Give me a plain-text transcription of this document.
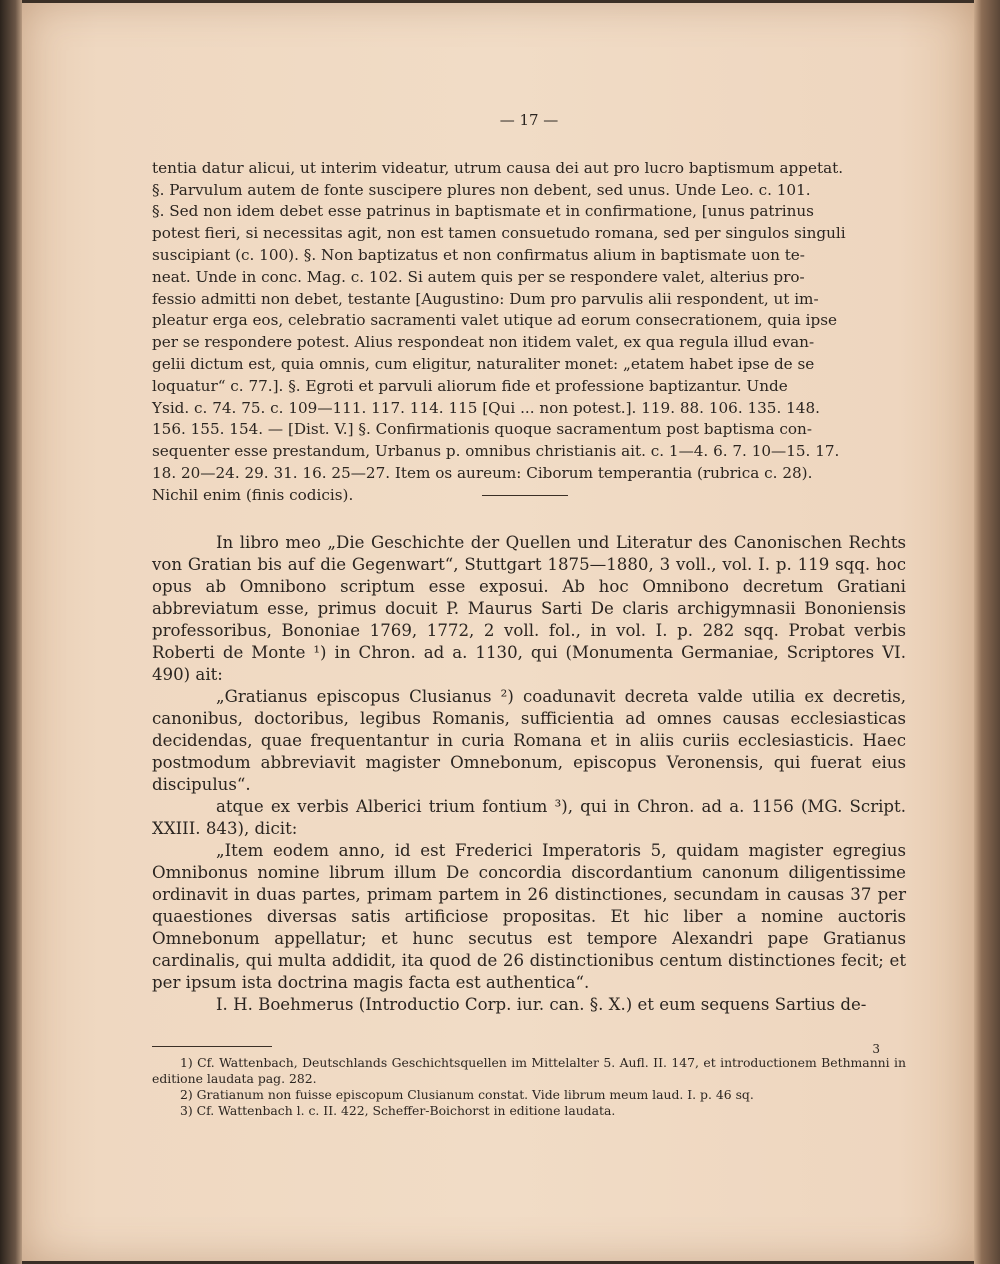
— 17 —

tentia datur alicui, ut interim videatur, utrum causa dei aut pro lucro baptismum appetat.
§. Parvulum autem de fonte suscipere plures non debent, sed unus. Unde Leo. c. 101.
§. Sed non idem debet esse patrinus in baptismate et in confirmatione, [unus patrinus
potest fieri, si necessitas agit, non est tamen consuetudo romana, sed per singulos singuli
suscipiant (c. 100). §. Non baptizatus et non confirmatus alium in baptismate uon te-
neat. Unde in conc. Mag. c. 102. Si autem quis per se respondere valet, alterius pro-
fessio admitti non debet, testante [Augustino: Dum pro parvulis alii respondent, ut im-
pleatur erga eos, celebratio sacramenti valet utique ad eorum consecrationem, quia ipse
per se respondere potest. Alius respondeat non itidem valet, ex qua regula illud evan-
gelii dictum est, quia omnis, cum eligitur, naturaliter monet: „etatem habet ipse de se
loquatur“ c. 77.]. §. Egroti et parvuli aliorum fide et professione baptizantur. Unde
Ysid. c. 74. 75. c. 109—111. 117. 114. 115 [Qui ... non potest.]. 119. 88. 106. 135. 148.
156. 155. 154. — [Dist. V.] §. Confirmationis quoque sacramentum post baptisma con-
sequenter esse prestandum, Urbanus p. omnibus christianis ait. c. 1—4. 6. 7. 10—15. 17.
18. 20—24. 29. 31. 16. 25—27. Item os aureum: Ciborum temperantia (rubrica c. 28).
Nichil enim (finis codicis).

In libro meo „Die Geschichte der Quellen und Literatur des Canonischen Rechts von Gratian bis auf die Gegenwart“, Stuttgart 1875—1880, 3 voll., vol. I. p. 119 sqq. hoc opus ab Omnibono scriptum esse exposui. Ab hoc Omnibono decretum Gratiani abbreviatum esse, primus docuit P. Maurus Sarti De claris archigymnasii Bononiensis professoribus, Bononiae 1769, 1772, 2 voll. fol., in vol. I. p. 282 sqq. Probat verbis Roberti de Monte ¹) in Chron. ad a. 1130, qui (Monumenta Germaniae, Scriptores VI. 490) ait:

„Gratianus episcopus Clusianus ²) coadunavit decreta valde utilia ex decretis, canonibus, doctoribus, legibus Romanis, sufficientia ad omnes causas ecclesiasticas decidendas, quae frequentantur in curia Romana et in aliis curiis ecclesiasticis. Haec postmodum abbreviavit magister Omnebonum, episcopus Veronensis, qui fuerat eius discipulus“.

atque ex verbis Alberici trium fontium ³), qui in Chron. ad a. 1156 (MG. Script. XXIII. 843), dicit:

„Item eodem anno, id est Frederici Imperatoris 5, quidam magister egregius Omnibonus nomine librum illum De concordia discordantium canonum diligentissime ordinavit in duas partes, primam partem in 26 distinctiones, secundam in causas 37 per quaestiones diversas satis artificiose propositas. Et hic liber a nomine auctoris Omnebonum appellatur; et hunc secutus est tempore Alexandri pape Gratianus cardinalis, qui multa addidit, ita quod de 26 distinctionibus centum distinctiones fecit; et per ipsum ista doctrina magis facta est authentica“.

I. H. Boehmerus (Introductio Corp. iur. can. §. X.) et eum sequens Sartius de-

1) Cf. Wattenbach, Deutschlands Geschichtsquellen im Mittelalter 5. Aufl. II. 147, et introductionem Bethmanni in editione laudata pag. 282.

2) Gratianum non fuisse episcopum Clusianum constat. Vide librum meum laud. I. p. 46 sq.

3) Cf. Wattenbach l. c. II. 422, Scheffer-Boichorst in editione laudata.

3
